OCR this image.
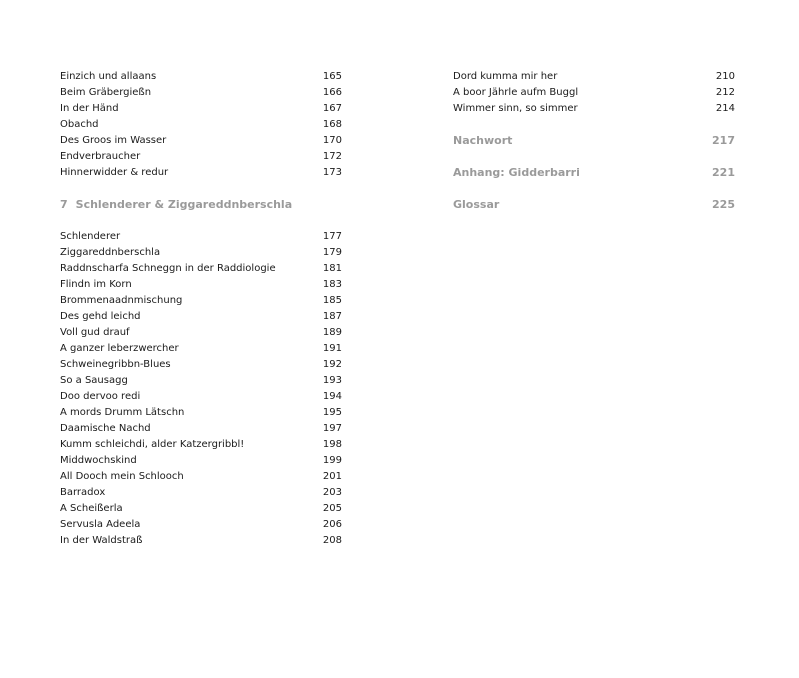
Einzich und allaans	165
Beim Gräbergießn	166
In der Händ	167
Obachd	168
Des Groos im Wasser	170
Endverbraucher	172
Hinnerwidder & redur	173
7 Schlenderer & Ziggareddnberschla
Schlenderer	177
Ziggareddnberschla	179
Raddnscharfa Schneggn in der Raddiologie	181
Flindn im Korn	183
Brommenaadnmischung	185
Des gehd leichd	187
Voll gud drauf	189
A ganzer leberzwercher	191
Schweinegribbn-Blues	192
So a Sausagg	193
Doo dervoo redi	194
A mords Drumm Lätschn	195
Daamische Nachd	197
Kumm schleichdi, alder Katzergribbl!	198
Middwochskind	199
All Dooch mein Schlooch	201
Barradox	203
A Scheißerla	205
Servusla Adeela	206
In der Waldstraß	208
Dord kumma mir her	210
A boor Jährle aufm Buggl	212
Wimmer sinn, so simmer	214
Nachwort	217
Anhang: Gidderbarri	221
Glossar	225
